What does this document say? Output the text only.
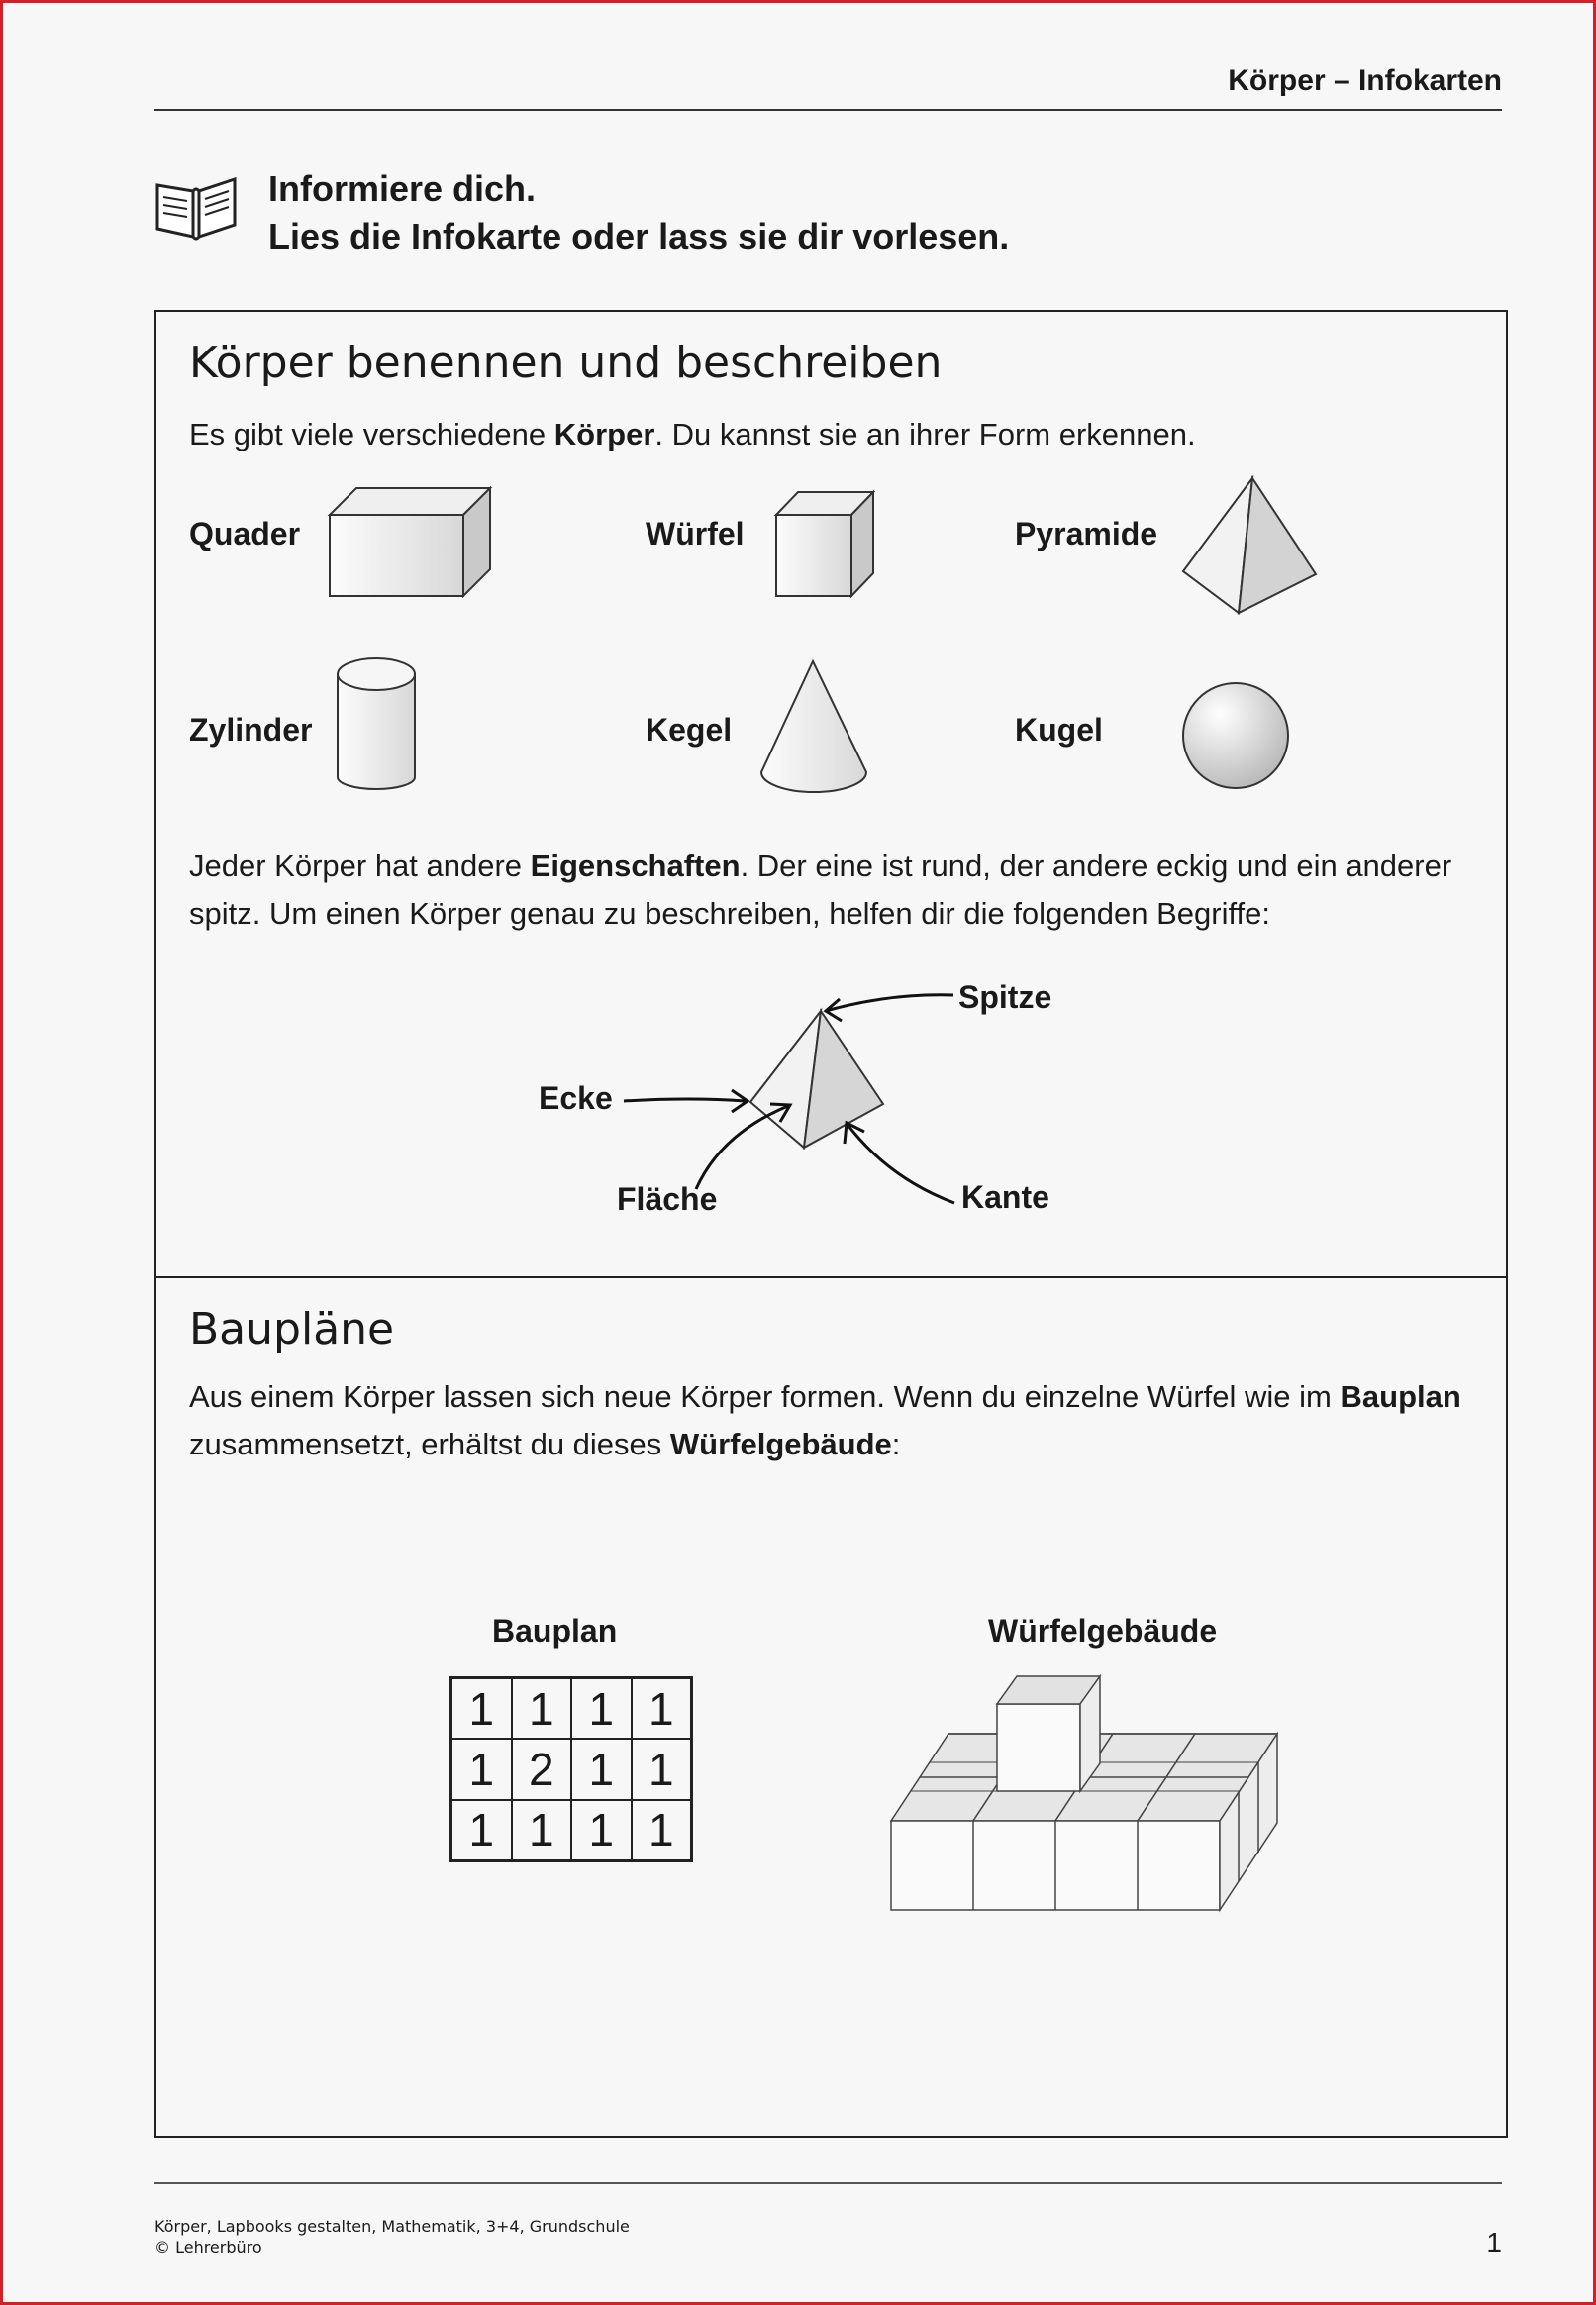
Körper – Infokarten
Informiere dich.
Lies die Infokarte oder lass sie dir vorlesen.
Körper benennen und beschreiben
Es gibt viele verschiedene Körper. Du kannst sie an ihrer Form erkennen.
Quader	Würfel	Pyramide
Zylinder	Kegel	Kugel
Jeder Körper hat andere Eigenschaften. Der eine ist rund, der andere eckig und ein anderer spitz. Um einen Körper genau zu beschreiben, helfen dir die folgenden Begriffe:
Spitze
Ecke
Fläche	Kante
Baupläne
Aus einem Körper lassen sich neue Körper formen. Wenn du einzelne Würfel wie im Bauplan zusammensetzt, erhältst du dieses Würfelgebäude:
Bauplan	Würfelgebäude
1 1 1 1
1 2 1 1
1 1 1 1
Körper, Lapbooks gestalten, Mathematik, 3+4, Grundschule
© Lehrerbüro	1
